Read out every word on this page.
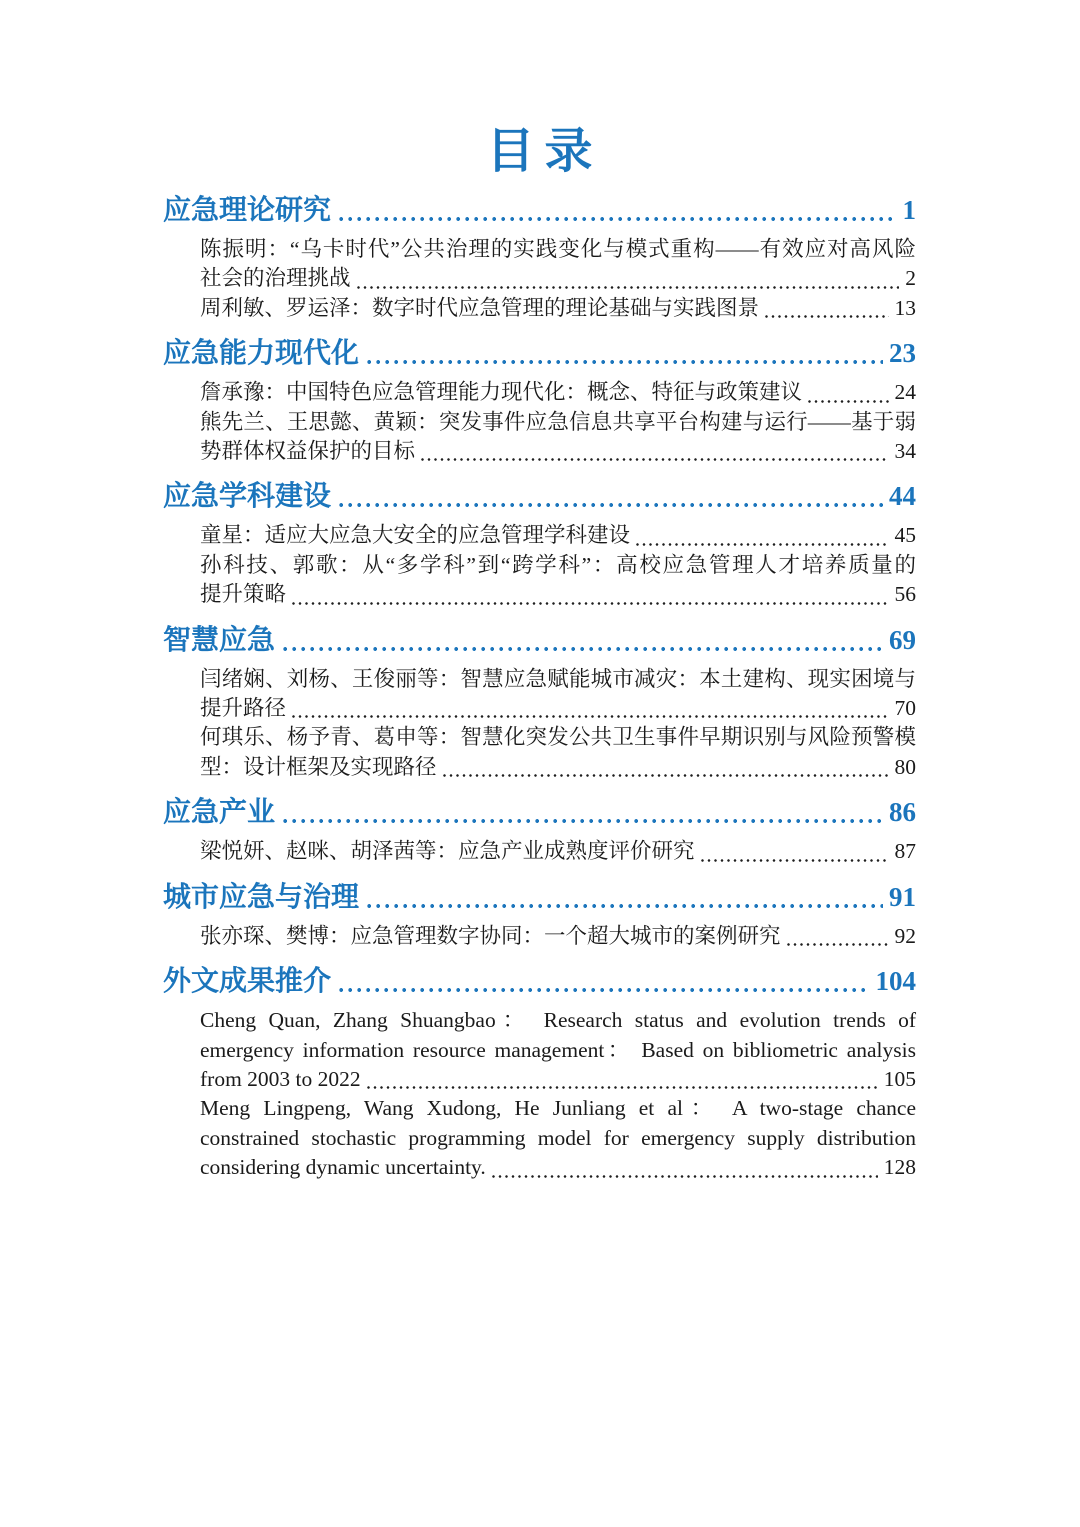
目录
应急理论研究	1
陈振明：“乌卡时代”公共治理的实践变化与模式重构——有效应对高风险
社会的治理挑战	2
周利敏、罗运泽：数字时代应急管理的理论基础与实践图景	13
应急能力现代化	23
詹承豫：中国特色应急管理能力现代化：概念、特征与政策建议	24
熊先兰、王思懿、黄颖：突发事件应急信息共享平台构建与运行——基于弱
势群体权益保护的目标	34
应急学科建设	44
童星：适应大应急大安全的应急管理学科建设	45
孙科技、郭歌：从“多学科”到“跨学科”：高校应急管理人才培养质量的
提升策略	56
智慧应急	69
闫绪娴、刘杨、王俊丽等：智慧应急赋能城市减灾：本土建构、现实困境与
提升路径	70
何琪乐、杨予青、葛申等：智慧化突发公共卫生事件早期识别与风险预警模
型：设计框架及实现路径	80
应急产业	86
梁悦妍、赵咪、胡泽茜等：应急产业成熟度评价研究	87
城市应急与治理	91
张亦琛、樊博：应急管理数字协同：一个超大城市的案例研究	92
外文成果推介	104
Cheng Quan, Zhang Shuangbao： Research status and evolution trends of
emergency information resource management： Based on bibliometric analysis
from 2003 to 2022	105
Meng Lingpeng, Wang Xudong, He Junliang et al： A two-stage chance
constrained stochastic programming model for emergency supply distribution
considering dynamic uncertainty.	128
